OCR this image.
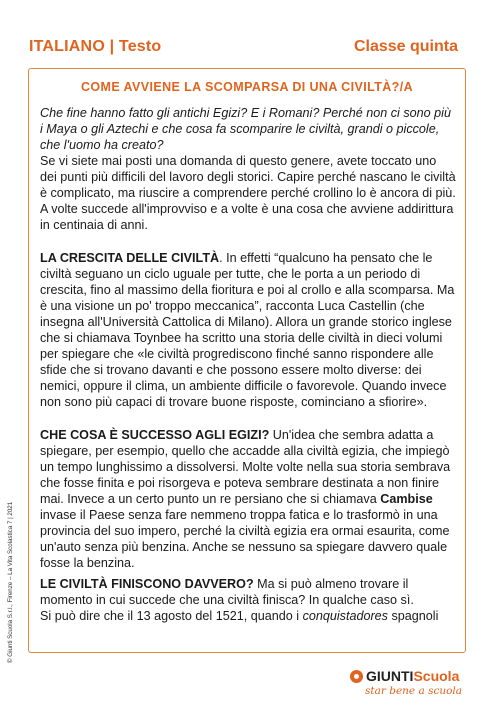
ITALIANO | Testo	Classe quinta
COME AVVIENE LA SCOMPARSA DI UNA CIVILTÀ?/A

Che fine hanno fatto gli antichi Egizi? E i Romani? Perché non ci sono più i Maya o gli Aztechi e che cosa fa scomparire le civiltà, grandi o piccole, che l'uomo ha creato?

Se vi siete mai posti una domanda di questo genere, avete toccato uno dei punti più difficili del lavoro degli storici. Capire perché nascano le civiltà è complicato, ma riuscire a comprendere perché crollino lo è ancora di più. A volte succede all'improvviso e a volte è una cosa che avviene addirittura in centinaia di anni.

LA CRESCITA DELLE CIVILTÀ. In effetti “qualcuno ha pensato che le civiltà seguano un ciclo uguale per tutte, che le porta a un periodo di crescita, fino al massimo della fioritura e poi al crollo e alla scomparsa. Ma è una visione un po' troppo meccanica”, racconta Luca Castellin (che insegna all'Università Cattolica di Milano). Allora un grande storico inglese che si chiamava Toynbee ha scritto una storia delle civiltà in dieci volumi per spiegare che «le civiltà progrediscono finché sanno rispondere alle sfide che si trovano davanti e che possono essere molto diverse: dei nemici, oppure il clima, un ambiente difficile o favorevole. Quando invece non sono più capaci di trovare buone risposte, cominciano a sfiorire».

CHE COSA È SUCCESSO AGLI EGIZI? Un'idea che sembra adatta a spiegare, per esempio, quello che accadde alla civiltà egizia, che impiegò un tempo lunghissimo a dissolversi. Molte volte nella sua storia sembrava che fosse finita e poi risorgeva e poteva sembrare destinata a non finire mai. Invece a un certo punto un re persiano che si chiamava Cambise invase il Paese senza fare nemmeno troppa fatica e lo trasformò in una provincia del suo impero, perché la civiltà egizia era ormai esaurita, come un'auto senza più benzina. Anche se nessuno sa spiegare davvero quale fosse la benzina.

LE CIVILTÀ FINISCONO DAVVERO? Ma si può almeno trovare il momento in cui succede che una civiltà finisca? In qualche caso sì.

Si può dire che il 13 agosto del 1521, quando i conquistadores spagnoli

© Giunti Scuola S.r.l., Firenze – La Vita Scolastica 7 | 2021
GIUNTIScuola
star bene a scuola
